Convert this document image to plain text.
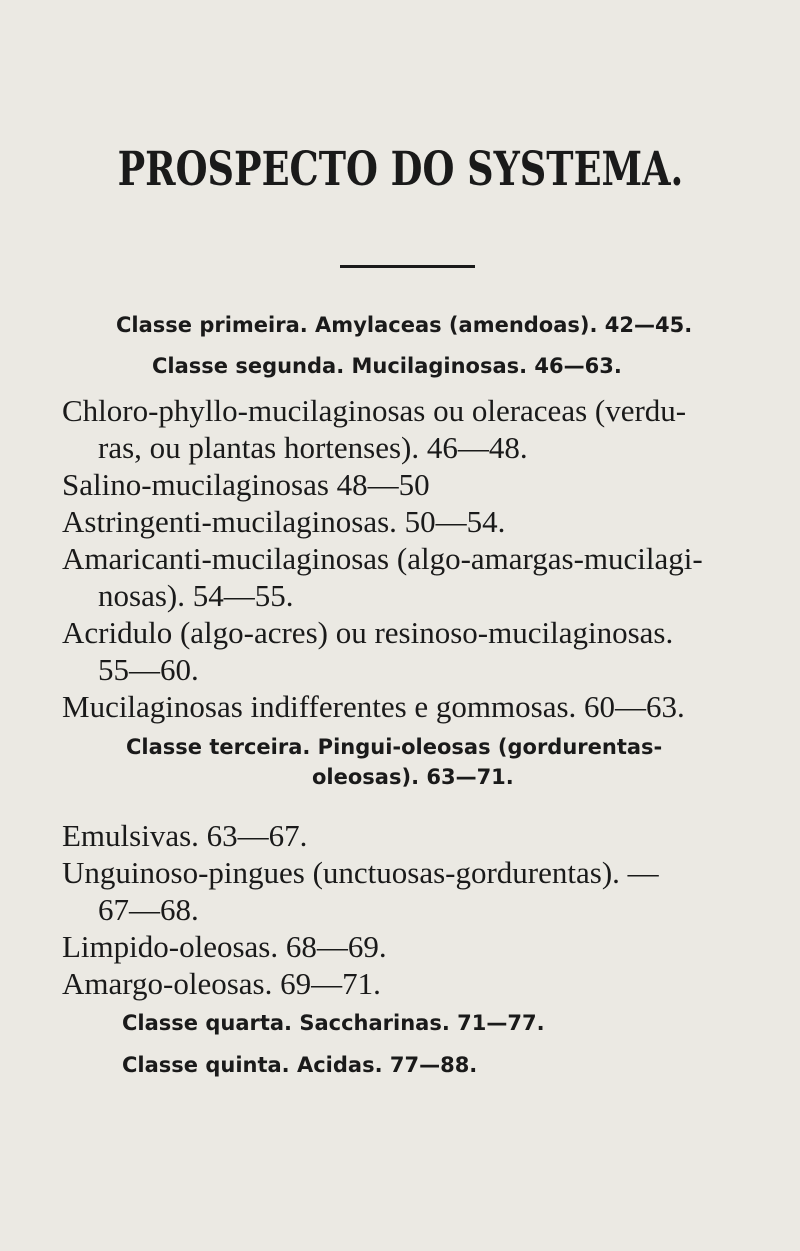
PROSPECTO DO SYSTEMA.
Classe primeira. Amylaceas (amendoas). 42—45.
Classe segunda. Mucilaginosas. 46—63.
Chloro-phyllo-mucilaginosas ou oleraceas (verdu-
ras, ou plantas hortenses). 46—48.
Salino-mucilaginosas 48—50
Astringenti-mucilaginosas. 50—54.
Amaricanti-mucilaginosas (algo-amargas-mucilagi-
nosas). 54—55.
Acridulo (algo-acres) ou resinoso-mucilaginosas.
55—60.
Mucilaginosas indifferentes e gommosas. 60—63.
Classe terceira. Pingui-oleosas (gordurentas-
oleosas). 63—71.
Emulsivas. 63—67.
Unguinoso-pingues (unctuosas-gordurentas). —
67—68.
Limpido-oleosas. 68—69.
Amargo-oleosas. 69—71.
Classe quarta. Saccharinas. 71—77.
Classe quinta. Acidas. 77—88.
